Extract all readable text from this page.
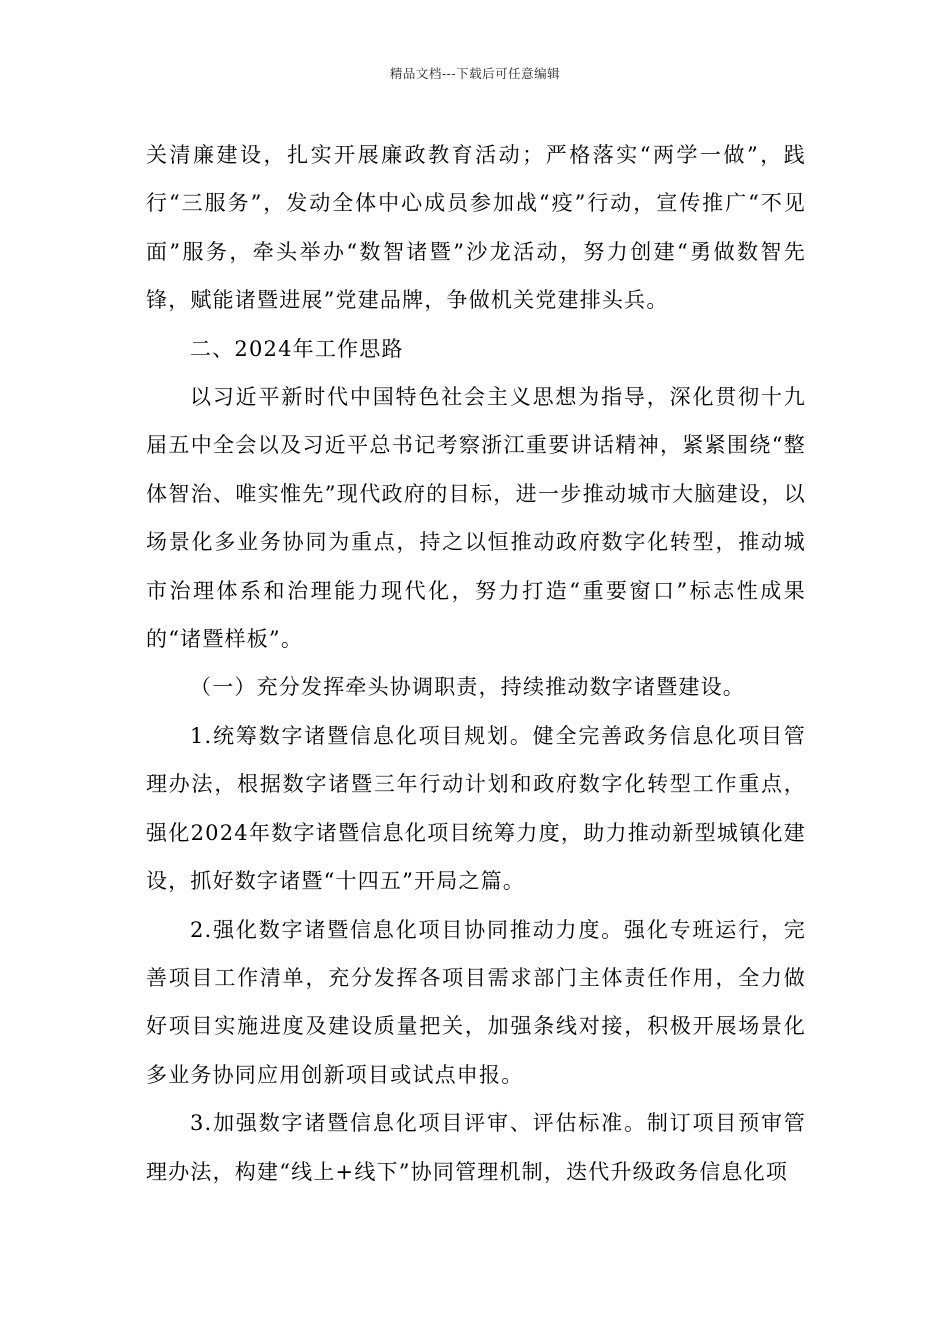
精品文档---下载后可任意编辑

关清廉建设，扎实开展廉政教育活动；严格落实“两学一做”，践行“三服务”，发动全体中心成员参加战“疫”行动，宣传推广“不见面”服务，牵头举办“数智诸暨”沙龙活动，努力创建“勇做数智先锋，赋能诸暨进展”党建品牌，争做机关党建排头兵。

二、2024年工作思路

以习近平新时代中国特色社会主义思想为指导，深化贯彻十九届五中全会以及习近平总书记考察浙江重要讲话精神，紧紧围绕“整体智治、唯实惟先”现代政府的目标，进一步推动城市大脑建设，以场景化多业务协同为重点，持之以恒推动政府数字化转型，推动城市治理体系和治理能力现代化，努力打造“重要窗口”标志性成果的“诸暨样板”。

（一）充分发挥牵头协调职责，持续推动数字诸暨建设。

1.统筹数字诸暨信息化项目规划。健全完善政务信息化项目管理办法，根据数字诸暨三年行动计划和政府数字化转型工作重点，强化2024年数字诸暨信息化项目统筹力度，助力推动新型城镇化建设，抓好数字诸暨“十四五”开局之篇。

2.强化数字诸暨信息化项目协同推动力度。强化专班运行，完善项目工作清单，充分发挥各项目需求部门主体责任作用，全力做好项目实施进度及建设质量把关，加强条线对接，积极开展场景化多业务协同应用创新项目或试点申报。

3.加强数字诸暨信息化项目评审、评估标准。制订项目预审管理办法，构建“线上+线下”协同管理机制，迭代升级政务信息化项
